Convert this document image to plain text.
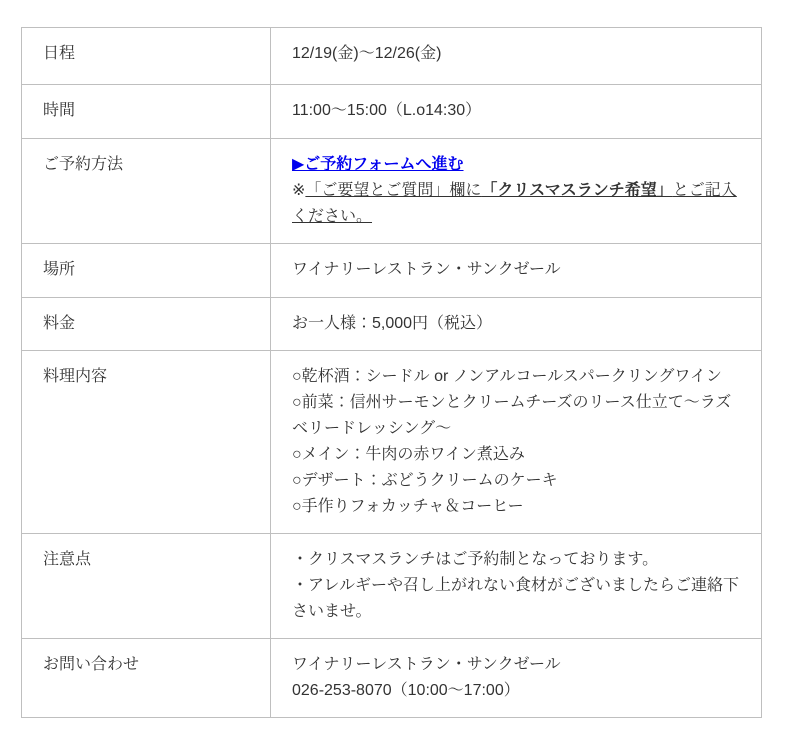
日程	12/19(金)〜12/26(金)

時間	11:00〜15:00（L.o14:30）

ご予約方法	▶ご予約フォームへ進む
※「ご要望とご質問」欄に「クリスマスランチ希望」とご記入ください。

場所	ワイナリーレストラン・サンクゼール

料金	お一人様：5,000円（税込）

料理内容	○乾杯酒：シードル or ノンアルコールスパークリングワイン
○前菜：信州サーモンとクリームチーズのリース仕立て〜ラズベリードレッシング〜
○メイン：牛肉の赤ワイン煮込み
○デザート：ぶどうクリームのケーキ
○手作りフォカッチャ＆コーヒー

注意点	・クリスマスランチはご予約制となっております。
・アレルギーや召し上がれない食材がございましたらご連絡下さいませ。

お問い合わせ	ワイナリーレストラン・サンクゼール
026-253-8070（10:00〜17:00）
